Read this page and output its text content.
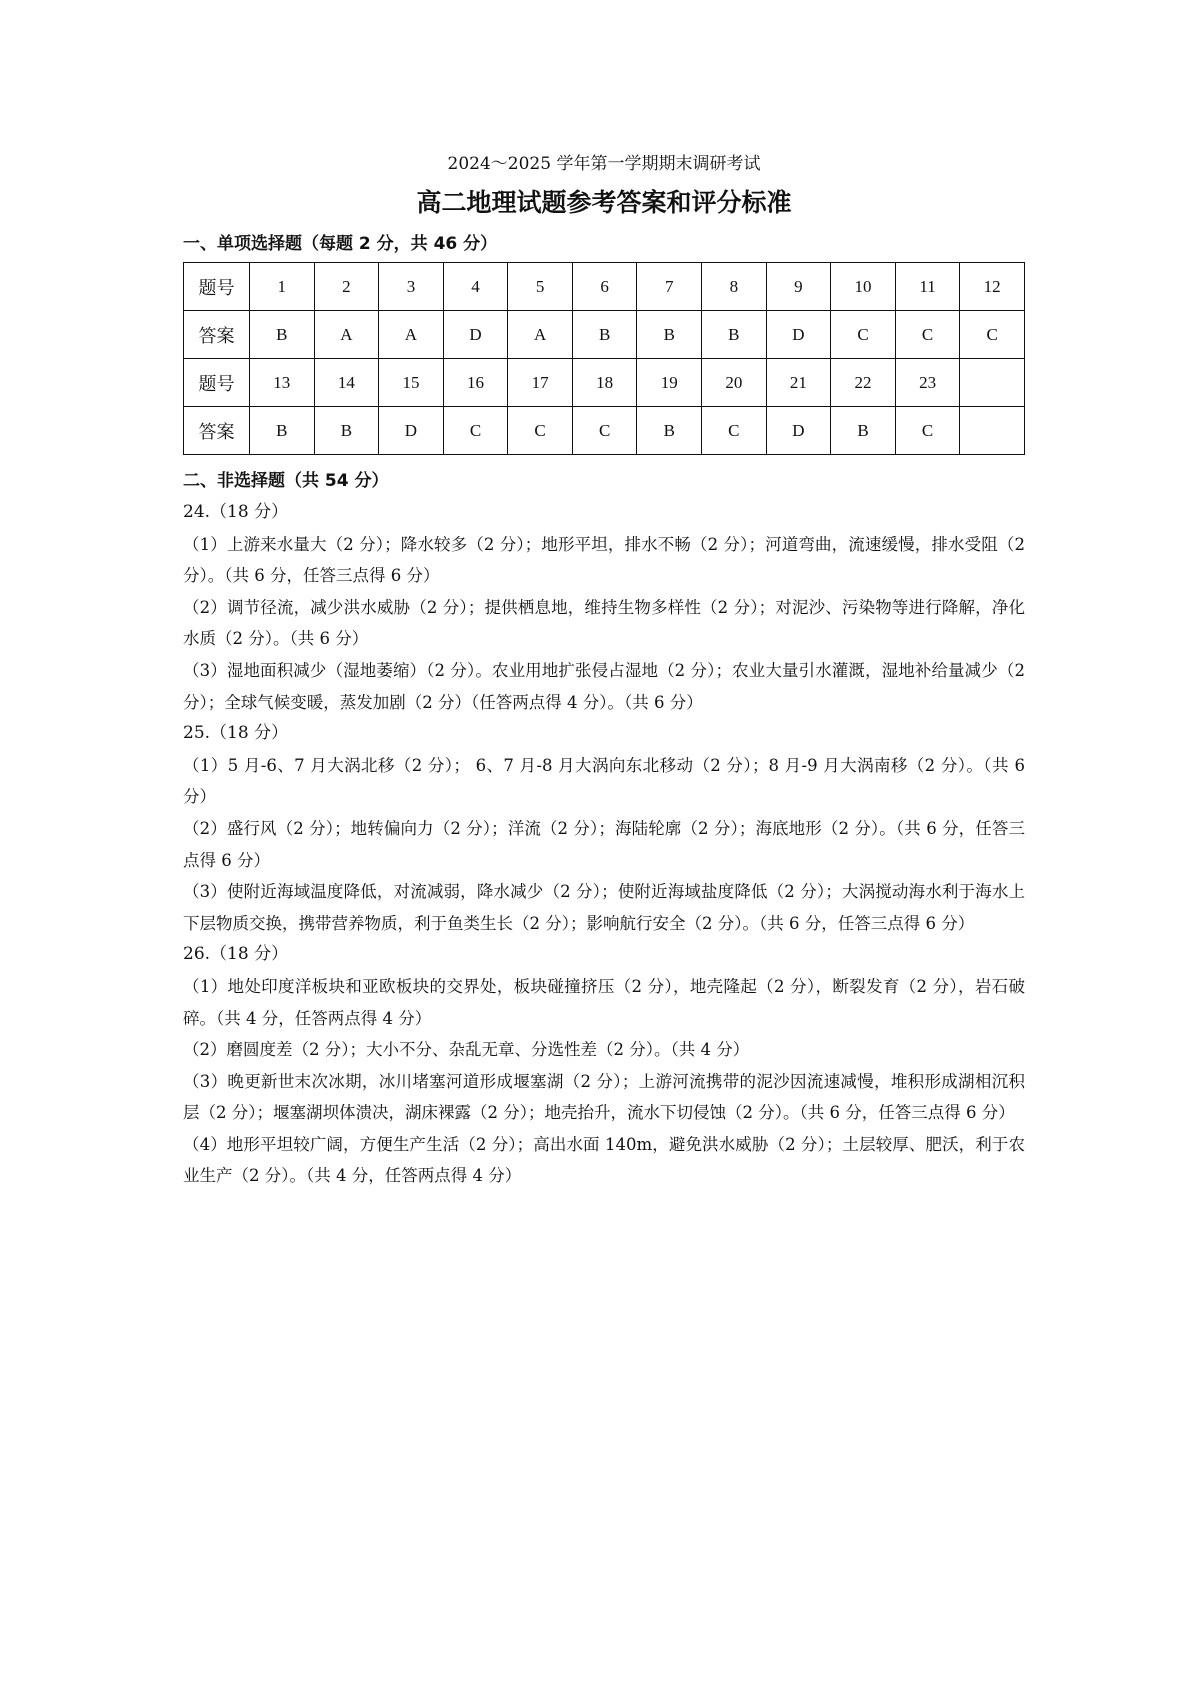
2024～2025 学年第一学期期末调研考试
高二地理试题参考答案和评分标准
一、单项选择题（每题 2 分，共 46 分）
题号	1	2	3	4	5	6	7	8	9	10	11	12
答案	B	A	A	D	A	B	B	B	D	C	C	C
题号	13	14	15	16	17	18	19	20	21	22	23	
答案	B	B	D	C	C	C	B	C	D	B	C	
二、非选择题（共 54 分）
24.（18 分）
（1）上游来水量大（2 分）；降水较多（2 分）；地形平坦，排水不畅（2 分）；河道弯曲，流速缓慢，排水受阻（2 分）。（共 6 分，任答三点得 6 分）
（2）调节径流，减少洪水威胁（2 分）；提供栖息地，维持生物多样性（2 分）；对泥沙、污染物等进行降解，净化水质（2 分）。（共 6 分）
（3）湿地面积减少（湿地萎缩）（2 分）。农业用地扩张侵占湿地（2 分）；农业大量引水灌溉，湿地补给量减少（2 分）；全球气候变暖，蒸发加剧（2 分）（任答两点得 4 分）。（共 6 分）
25.（18 分）
（1）5 月-6、7 月大涡北移（2 分）； 6、7 月-8 月大涡向东北移动（2 分）；8 月-9 月大涡南移（2 分）。（共 6 分）
（2）盛行风（2 分）；地转偏向力（2 分）；洋流（2 分）；海陆轮廓（2 分）；海底地形（2 分）。（共 6 分，任答三点得 6 分）
（3）使附近海域温度降低，对流减弱，降水减少（2 分）；使附近海域盐度降低（2 分）；大涡搅动海水利于海水上下层物质交换，携带营养物质，利于鱼类生长（2 分）；影响航行安全（2 分）。（共 6 分，任答三点得 6 分）
26.（18 分）
（1）地处印度洋板块和亚欧板块的交界处，板块碰撞挤压（2 分），地壳隆起（2 分），断裂发育（2 分），岩石破碎。（共 4 分，任答两点得 4 分）
（2）磨圆度差（2 分）；大小不分、杂乱无章、分选性差（2 分）。（共 4 分）
（3）晚更新世末次冰期，冰川堵塞河道形成堰塞湖（2 分）；上游河流携带的泥沙因流速减慢，堆积形成湖相沉积层（2 分）；堰塞湖坝体溃决，湖床裸露（2 分）；地壳抬升，流水下切侵蚀（2 分）。（共 6 分，任答三点得 6 分）
（4）地形平坦较广阔，方便生产生活（2 分）；高出水面 140m，避免洪水威胁（2 分）；土层较厚、肥沃，利于农业生产（2 分）。（共 4 分，任答两点得 4 分）
